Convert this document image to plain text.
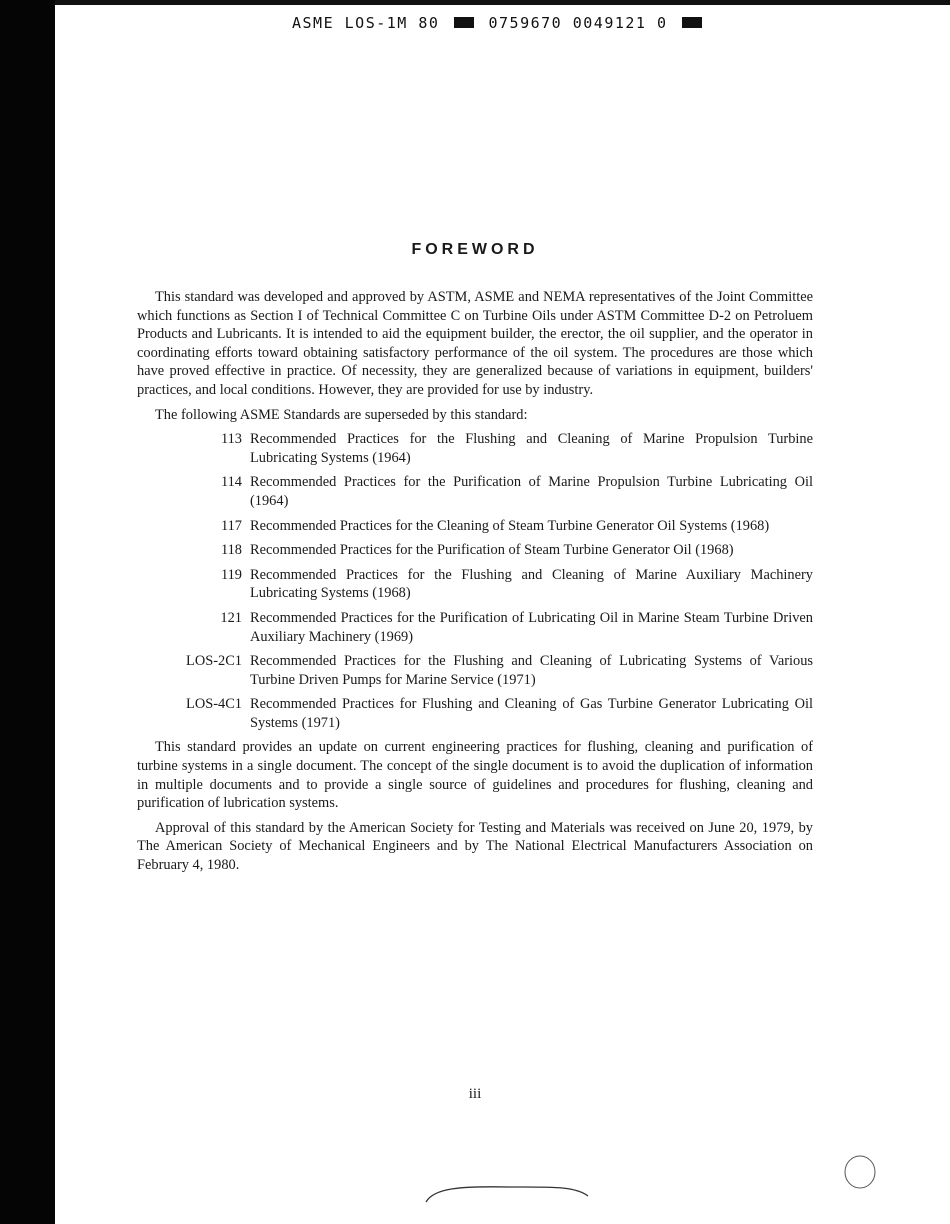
ASME LOS-1M 80	0759670 0049121 0
FOREWORD

This standard was developed and approved by ASTM, ASME and NEMA representatives of the Joint Committee which functions as Section I of Technical Committee C on Turbine Oils under ASTM Committee D-2 on Petroluem Products and Lubricants. It is intended to aid the equipment builder, the erector, the oil supplier, and the operator in coordinating efforts toward obtaining satisfactory performance of the oil system. The procedures are those which have proved effective in practice. Of necessity, they are generalized because of variations in equipment, builders' practices, and local conditions. However, they are provided for use by industry.

The following ASME Standards are superseded by this standard:

113 Recommended Practices for the Flushing and Cleaning of Marine Propulsion Turbine Lubricating Systems (1964)
114 Recommended Practices for the Purification of Marine Propulsion Turbine Lubricating Oil (1964)
117 Recommended Practices for the Cleaning of Steam Turbine Generator Oil Systems (1968)
118 Recommended Practices for the Purification of Steam Turbine Generator Oil (1968)
119 Recommended Practices for the Flushing and Cleaning of Marine Auxiliary Machinery Lubricating Systems (1968)
121 Recommended Practices for the Purification of Lubricating Oil in Marine Steam Turbine Driven Auxiliary Machinery (1969)
LOS-2C1 Recommended Practices for the Flushing and Cleaning of Lubricating Systems of Various Turbine Driven Pumps for Marine Service (1971)
LOS-4C1 Recommended Practices for Flushing and Cleaning of Gas Turbine Generator Lubricating Oil Systems (1971)

This standard provides an update on current engineering practices for flushing, cleaning and purification of turbine systems in a single document. The concept of the single document is to avoid the duplication of information in multiple documents and to provide a single source of guidelines and procedures for flushing, cleaning and purification of lubrication systems.

Approval of this standard by the American Society for Testing and Materials was received on June 20, 1979, by The American Society of Mechanical Engineers and by The National Electrical Manufacturers Association on February 4, 1980.

iii
